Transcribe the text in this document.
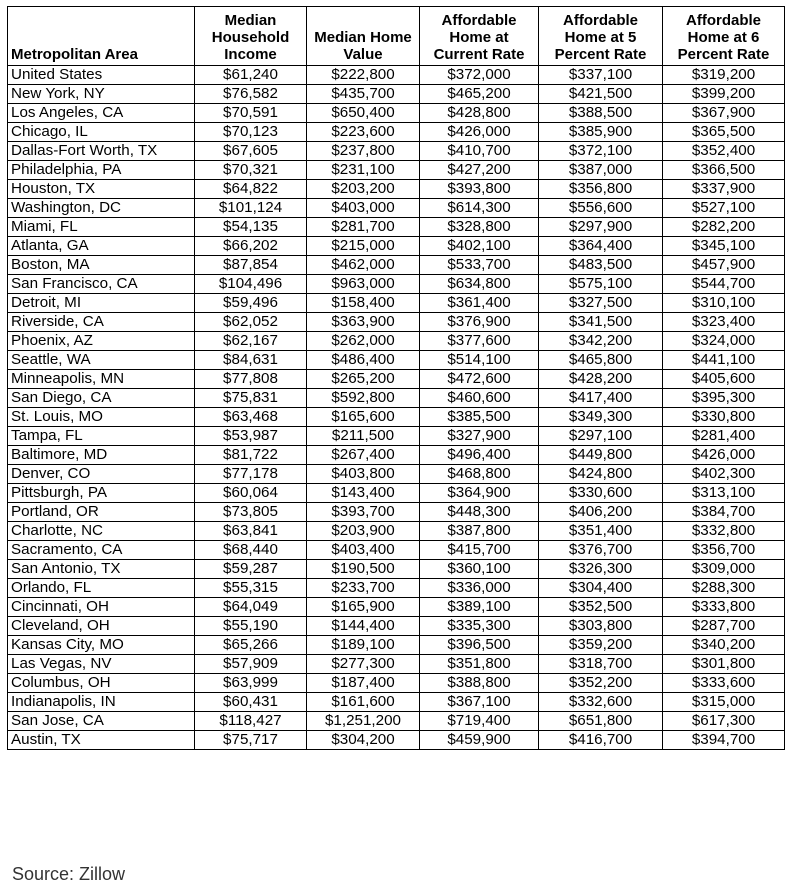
Metropolitan Area	Median Household Income	Median Home Value	Affordable Home at Current Rate	Affordable Home at 5 Percent Rate	Affordable Home at 6 Percent Rate
United States	$61,240	$222,800	$372,000	$337,100	$319,200
New York, NY	$76,582	$435,700	$465,200	$421,500	$399,200
Los Angeles, CA	$70,591	$650,400	$428,800	$388,500	$367,900
Chicago, IL	$70,123	$223,600	$426,000	$385,900	$365,500
Dallas-Fort Worth, TX	$67,605	$237,800	$410,700	$372,100	$352,400
Philadelphia, PA	$70,321	$231,100	$427,200	$387,000	$366,500
Houston, TX	$64,822	$203,200	$393,800	$356,800	$337,900
Washington, DC	$101,124	$403,000	$614,300	$556,600	$527,100
Miami, FL	$54,135	$281,700	$328,800	$297,900	$282,200
Atlanta, GA	$66,202	$215,000	$402,100	$364,400	$345,100
Boston, MA	$87,854	$462,000	$533,700	$483,500	$457,900
San Francisco, CA	$104,496	$963,000	$634,800	$575,100	$544,700
Detroit, MI	$59,496	$158,400	$361,400	$327,500	$310,100
Riverside, CA	$62,052	$363,900	$376,900	$341,500	$323,400
Phoenix, AZ	$62,167	$262,000	$377,600	$342,200	$324,000
Seattle, WA	$84,631	$486,400	$514,100	$465,800	$441,100
Minneapolis, MN	$77,808	$265,200	$472,600	$428,200	$405,600
San Diego, CA	$75,831	$592,800	$460,600	$417,400	$395,300
St. Louis, MO	$63,468	$165,600	$385,500	$349,300	$330,800
Tampa, FL	$53,987	$211,500	$327,900	$297,100	$281,400
Baltimore, MD	$81,722	$267,400	$496,400	$449,800	$426,000
Denver, CO	$77,178	$403,800	$468,800	$424,800	$402,300
Pittsburgh, PA	$60,064	$143,400	$364,900	$330,600	$313,100
Portland, OR	$73,805	$393,700	$448,300	$406,200	$384,700
Charlotte, NC	$63,841	$203,900	$387,800	$351,400	$332,800
Sacramento, CA	$68,440	$403,400	$415,700	$376,700	$356,700
San Antonio, TX	$59,287	$190,500	$360,100	$326,300	$309,000
Orlando, FL	$55,315	$233,700	$336,000	$304,400	$288,300
Cincinnati, OH	$64,049	$165,900	$389,100	$352,500	$333,800
Cleveland, OH	$55,190	$144,400	$335,300	$303,800	$287,700
Kansas City, MO	$65,266	$189,100	$396,500	$359,200	$340,200
Las Vegas, NV	$57,909	$277,300	$351,800	$318,700	$301,800
Columbus, OH	$63,999	$187,400	$388,800	$352,200	$333,600
Indianapolis, IN	$60,431	$161,600	$367,100	$332,600	$315,000
San Jose, CA	$118,427	$1,251,200	$719,400	$651,800	$617,300
Austin, TX	$75,717	$304,200	$459,900	$416,700	$394,700
Source: Zillow
